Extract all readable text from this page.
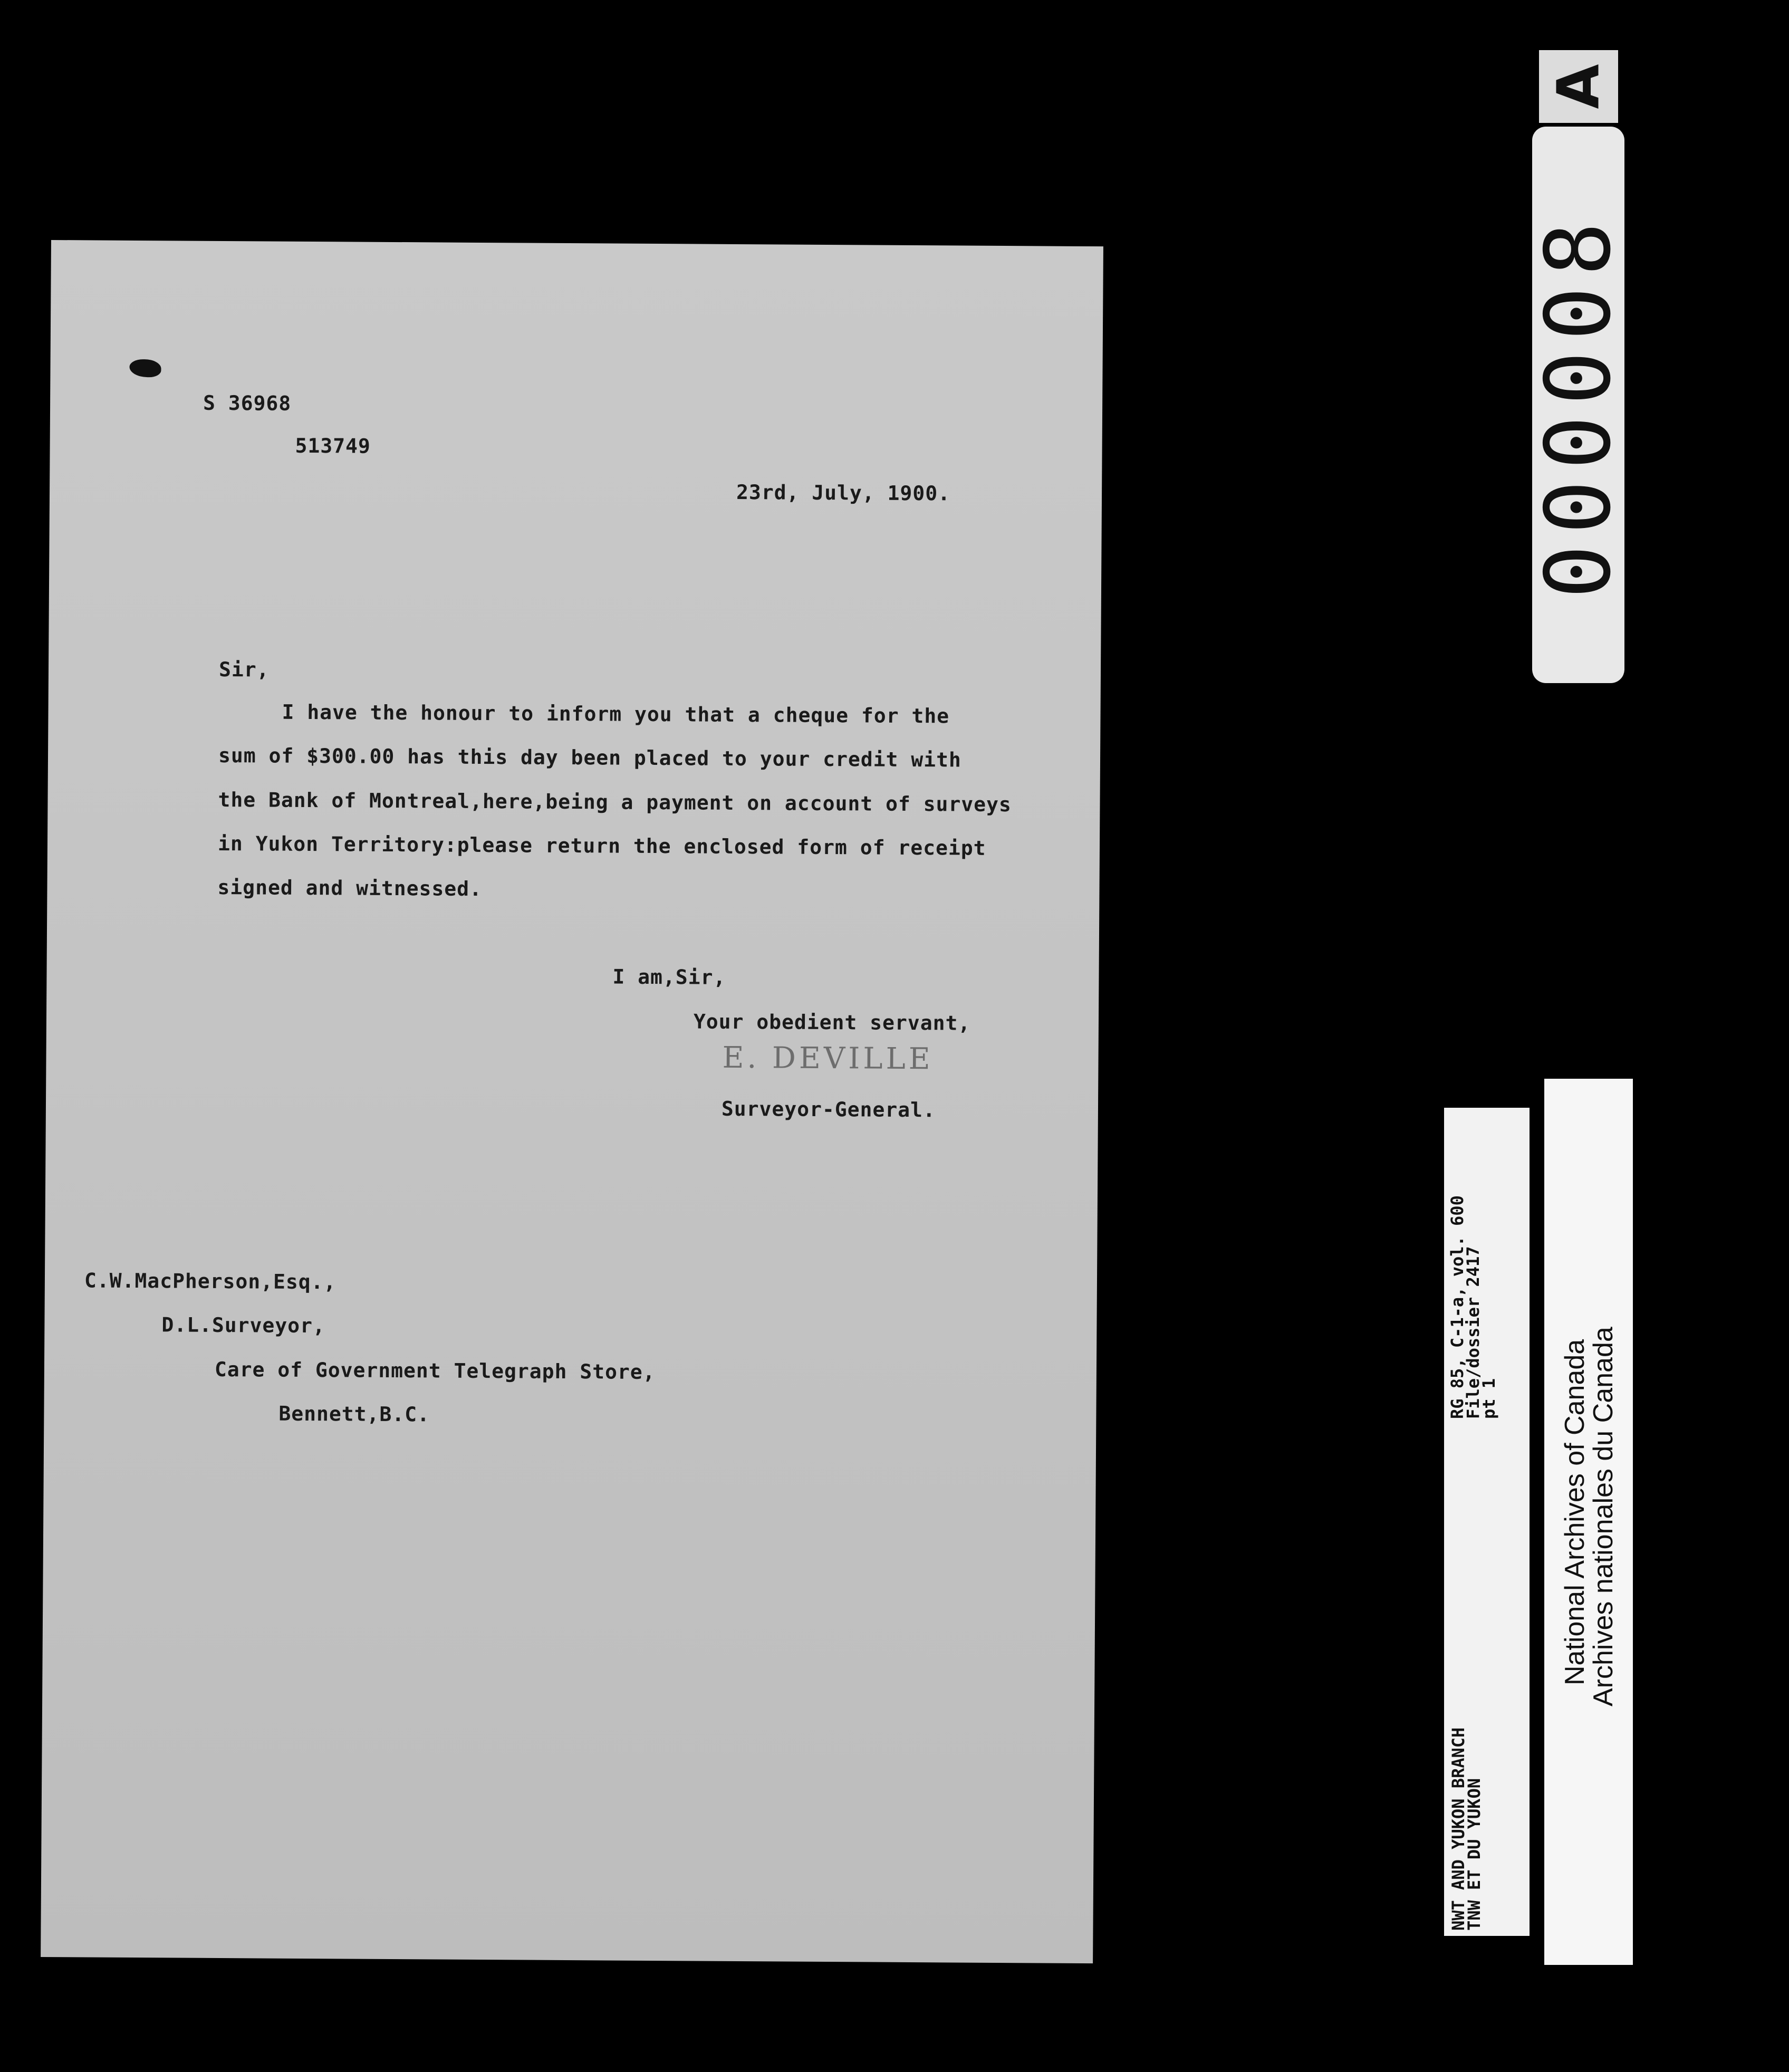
S 36968
513749
23rd, July, 1900.
Sir,
I have the honour to inform you that a cheque for the
sum of $300.00 has this day been placed to your credit with
the Bank of Montreal,here,being a payment on account of surveys
in Yukon Territory:please return the enclosed form of receipt
signed and witnessed.
I am,Sir,
Your obedient servant,
E. DEVILLE
Surveyor-General.
C.W.MacPherson,Esq.,
D.L.Surveyor,
Care of Government Telegraph Store,
Bennett,B.C.
A
000008
NWT AND YUKON BRANCH
TNW ET DU YUKON
RG 85, C-1-a, vol. 600
File/dossier 2417
pt 1 National Archives of Canada
Archives nationales du Canada
